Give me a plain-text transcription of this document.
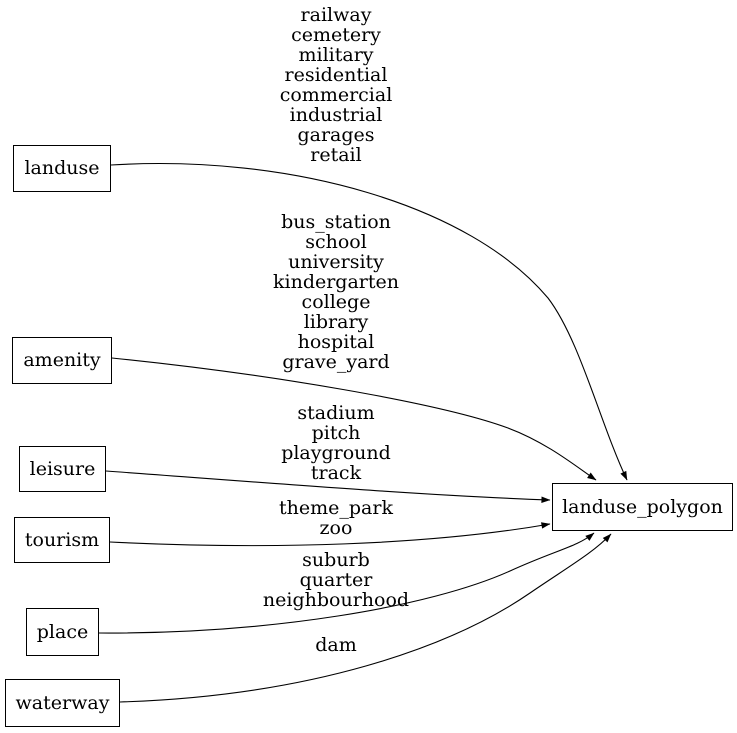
landuse
amenity
leisure
tourism
place
waterway
landuse_polygon
railway
cemetery
military
residential
commercial
industrial
garages
retail
bus_station
school
university
kindergarten
college
library
hospital
grave_yard
stadium
pitch
playground
track
theme_park
zoo
suburb
quarter
neighbourhood
dam
